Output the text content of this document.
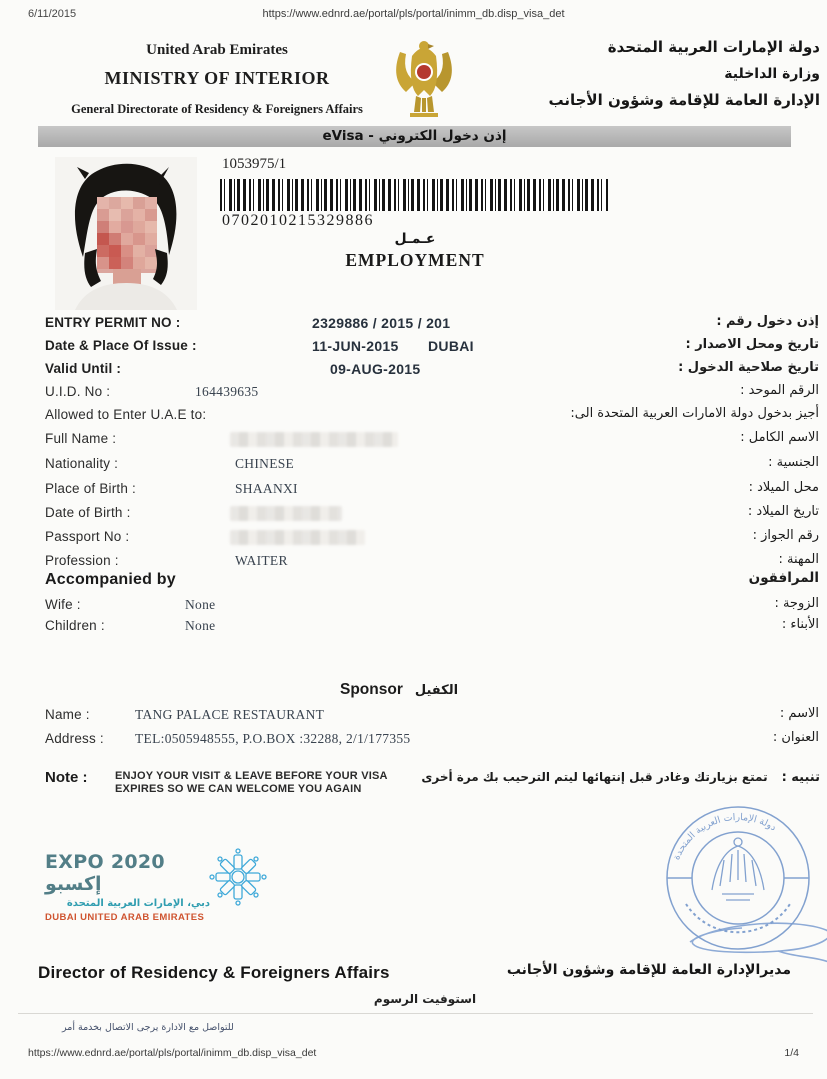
6/11/2015	https://www.ednrd.ae/portal/pls/portal/inimm_db.disp_visa_det
United Arab Emirates
MINISTRY OF INTERIOR
General Directorate of Residency & Foreigners Affairs
دولة الإمارات العربية المتحدة
وزارة الداخلية
الإدارة العامة للإقامة وشؤون الأجانب
eVisa - إذن دخول الكتروني
1053975/1
0702010215329886
عـمـل
EMPLOYMENT
ENTRY PERMIT NO :	2329886 / 2015 / 201	إذن دخول رقم :
Date & Place Of Issue :	11-JUN-2015 DUBAI	تاريخ ومحل الاصدار :
Valid Until :	09-AUG-2015	تاريخ صلاحية الدخول :
U.I.D. No :	164439635	الرقم الموحد :
Allowed to Enter U.A.E to:	أجيز بدخول دولة الامارات العربية المتحدة الى:
Full Name :	الاسم الكامل :
Nationality :	CHINESE	الجنسية :
Place of Birth :	SHAANXI	محل الميلاد :
Date of Birth :	تاريخ الميلاد :
Passport No :	رقم الجواز :
Profession :	WAITER	المهنة :
Accompanied by	المرافقون
Wife :	None	الزوجة :
Children :	None	الأبناء :
Sponsor الكفيل
Name :	TANG PALACE RESTAURANT	الاسم :
Address : TEL:0505948555, P.O.BOX :32288, 2/1/177355	العنوان :
Note :	ENJOY YOUR VISIT & LEAVE BEFORE YOUR VISA
EXPIRES SO WE CAN WELCOME YOU AGAIN
تنبيه :
تمتع بزيارتك وغادر قبل إنتهائها ليتم الترحيب بك مرة أخرى
EXPO 2020 إكسبو
دبي، الإمارات العربية المتحدة
DUBAI UNITED ARAB EMIRATES
دولة الإمارات العربية المتحدة
Director of Residency & Foreigners Affairs	مديرالإدارة العامة للإقامة وشؤون الأجانب
استوفيت الرسوم
للتواصل مع الادارة يرجى الاتصال بخدمة أمر
https://www.ednrd.ae/portal/pls/portal/inimm_db.disp_visa_det	1/4
